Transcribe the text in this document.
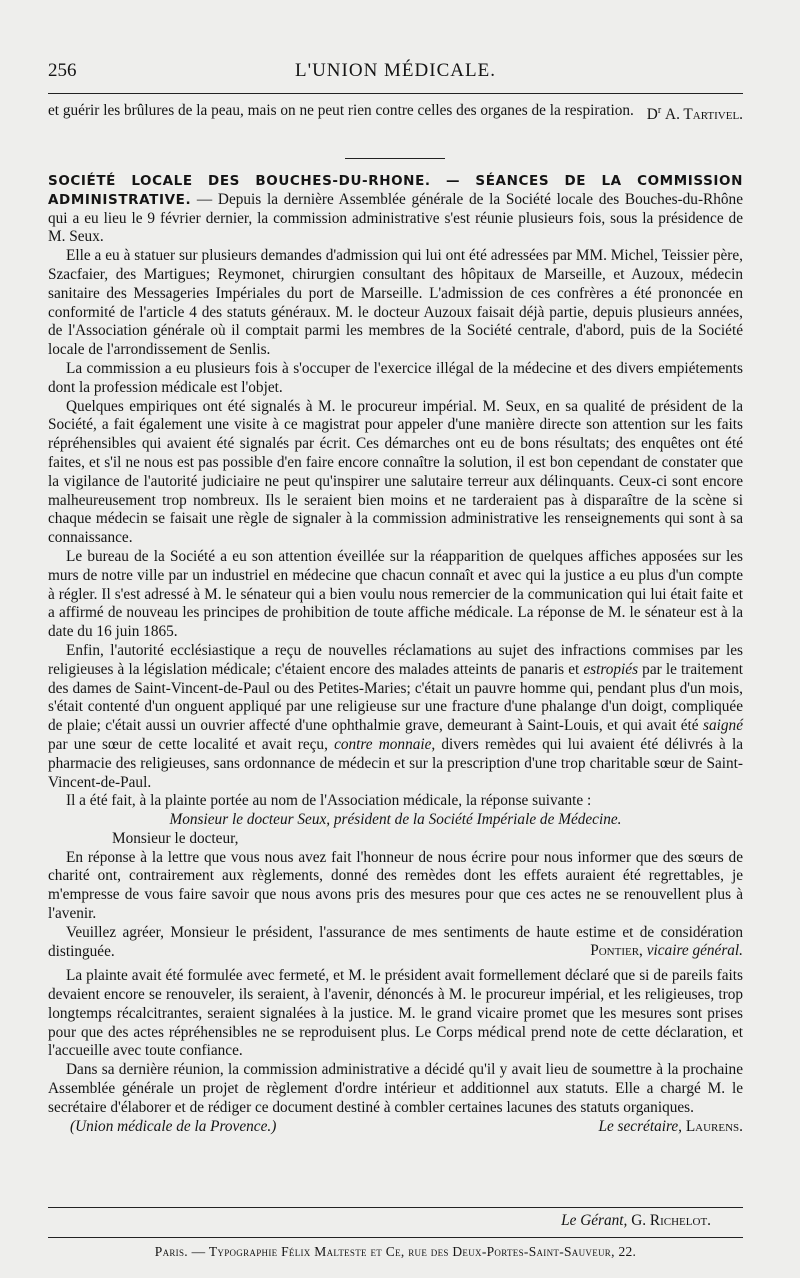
256	L'UNION MÉDICALE.

et guérir les brûlures de la peau, mais on ne peut rien contre celles des organes de la respiration. $D^r$ A. Tartivel.

SOCIÉTÉ LOCALE DES BOUCHES-DU-RHONE. — SÉANCES DE LA COMMISSION ADMINISTRATIVE. — Depuis la dernière Assemblée générale de la Société locale des Bouches-du-Rhône qui a eu lieu le 9 février dernier, la commission administrative s'est réunie plusieurs fois, sous la présidence de M. Seux.

Elle a eu à statuer sur plusieurs demandes d'admission qui lui ont été adressées par MM. Michel, Teissier père, Szacfaier, des Martigues; Reymonet, chirurgien consultant des hôpitaux de Marseille, et Auzoux, médecin sanitaire des Messageries Impériales du port de Marseille. L'admission de ces confrères a été prononcée en conformité de l'article 4 des statuts généraux. M. le docteur Auzoux faisait déjà partie, depuis plusieurs années, de l'Association générale où il comptait parmi les membres de la Société centrale, d'abord, puis de la Société locale de l'arrondissement de Senlis.

La commission a eu plusieurs fois à s'occuper de l'exercice illégal de la médecine et des divers empiétements dont la profession médicale est l'objet.

Quelques empiriques ont été signalés à M. le procureur impérial. M. Seux, en sa qualité de président de la Société, a fait également une visite à ce magistrat pour appeler d'une manière directe son attention sur les faits répréhensibles qui avaient été signalés par écrit. Ces démarches ont eu de bons résultats; des enquêtes ont été faites, et s'il ne nous est pas possible d'en faire encore connaître la solution, il est bon cependant de constater que la vigilance de l'autorité judiciaire ne peut qu'inspirer une salutaire terreur aux délinquants. Ceux-ci sont encore malheureusement trop nombreux. Ils le seraient bien moins et ne tarderaient pas à disparaître de la scène si chaque médecin se faisait une règle de signaler à la commission administrative les renseignements qui sont à sa connaissance.

Le bureau de la Société a eu son attention éveillée sur la réapparition de quelques affiches apposées sur les murs de notre ville par un industriel en médecine que chacun connaît et avec qui la justice a eu plus d'un compte à régler. Il s'est adressé à M. le sénateur qui a bien voulu nous remercier de la communication qui lui était faite et a affirmé de nouveau les principes de prohibition de toute affiche médicale. La réponse de M. le sénateur est à la date du 16 juin 1865.

Enfin, l'autorité ecclésiastique a reçu de nouvelles réclamations au sujet des infractions commises par les religieuses à la législation médicale; c'étaient encore des malades atteints de panaris et estropiés par le traitement des dames de Saint-Vincent-de-Paul ou des Petites-Maries; c'était un pauvre homme qui, pendant plus d'un mois, s'était contenté d'un onguent appliqué par une religieuse sur une fracture d'une phalange d'un doigt, compliquée de plaie; c'était aussi un ouvrier affecté d'une ophthalmie grave, demeurant à Saint-Louis, et qui avait été saigné par une sœur de cette localité et avait reçu, contre monnaie, divers remèdes qui lui avaient été délivrés à la pharmacie des religieuses, sans ordonnance de médecin et sur la prescription d'une trop charitable sœur de Saint-Vincent-de-Paul.

Il a été fait, à la plainte portée au nom de l'Association médicale, la réponse suivante :

Monsieur le docteur Seux, président de la Société Impériale de Médecine.

Monsieur le docteur,

En réponse à la lettre que vous nous avez fait l'honneur de nous écrire pour nous informer que des sœurs de charité ont, contrairement aux règlements, donné des remèdes dont les effets auraient été regrettables, je m'empresse de vous faire savoir que nous avons pris des mesures pour que ces actes ne se renouvellent plus à l'avenir.

Veuillez agréer, Monsieur le président, l'assurance de mes sentiments de haute estime et de considération distinguée.	Pontier, vicaire général.

La plainte avait été formulée avec fermeté, et M. le président avait formellement déclaré que si de pareils faits devaient encore se renouveler, ils seraient, à l'avenir, dénoncés à M. le procureur impérial, et les religieuses, trop longtemps récalcitrantes, seraient signalées à la justice. M. le grand vicaire promet que les mesures sont prises pour que des actes répréhensibles ne se reproduisent plus. Le Corps médical prend note de cette déclaration, et l'accueille avec toute confiance.

Dans sa dernière réunion, la commission administrative a décidé qu'il y avait lieu de soumettre à la prochaine Assemblée générale un projet de règlement d'ordre intérieur et additionnel aux statuts. Elle a chargé M. le secrétaire d'élaborer et de rédiger ce document destiné à combler certaines lacunes des statuts organiques.

(Union médicale de la Provence.)	Le secrétaire, Laurens.

Le Gérant, G. Richelot.
Paris. — Typographie Félix Malteste et Ce, rue des Deux-Portes-Saint-Sauveur, 22.
